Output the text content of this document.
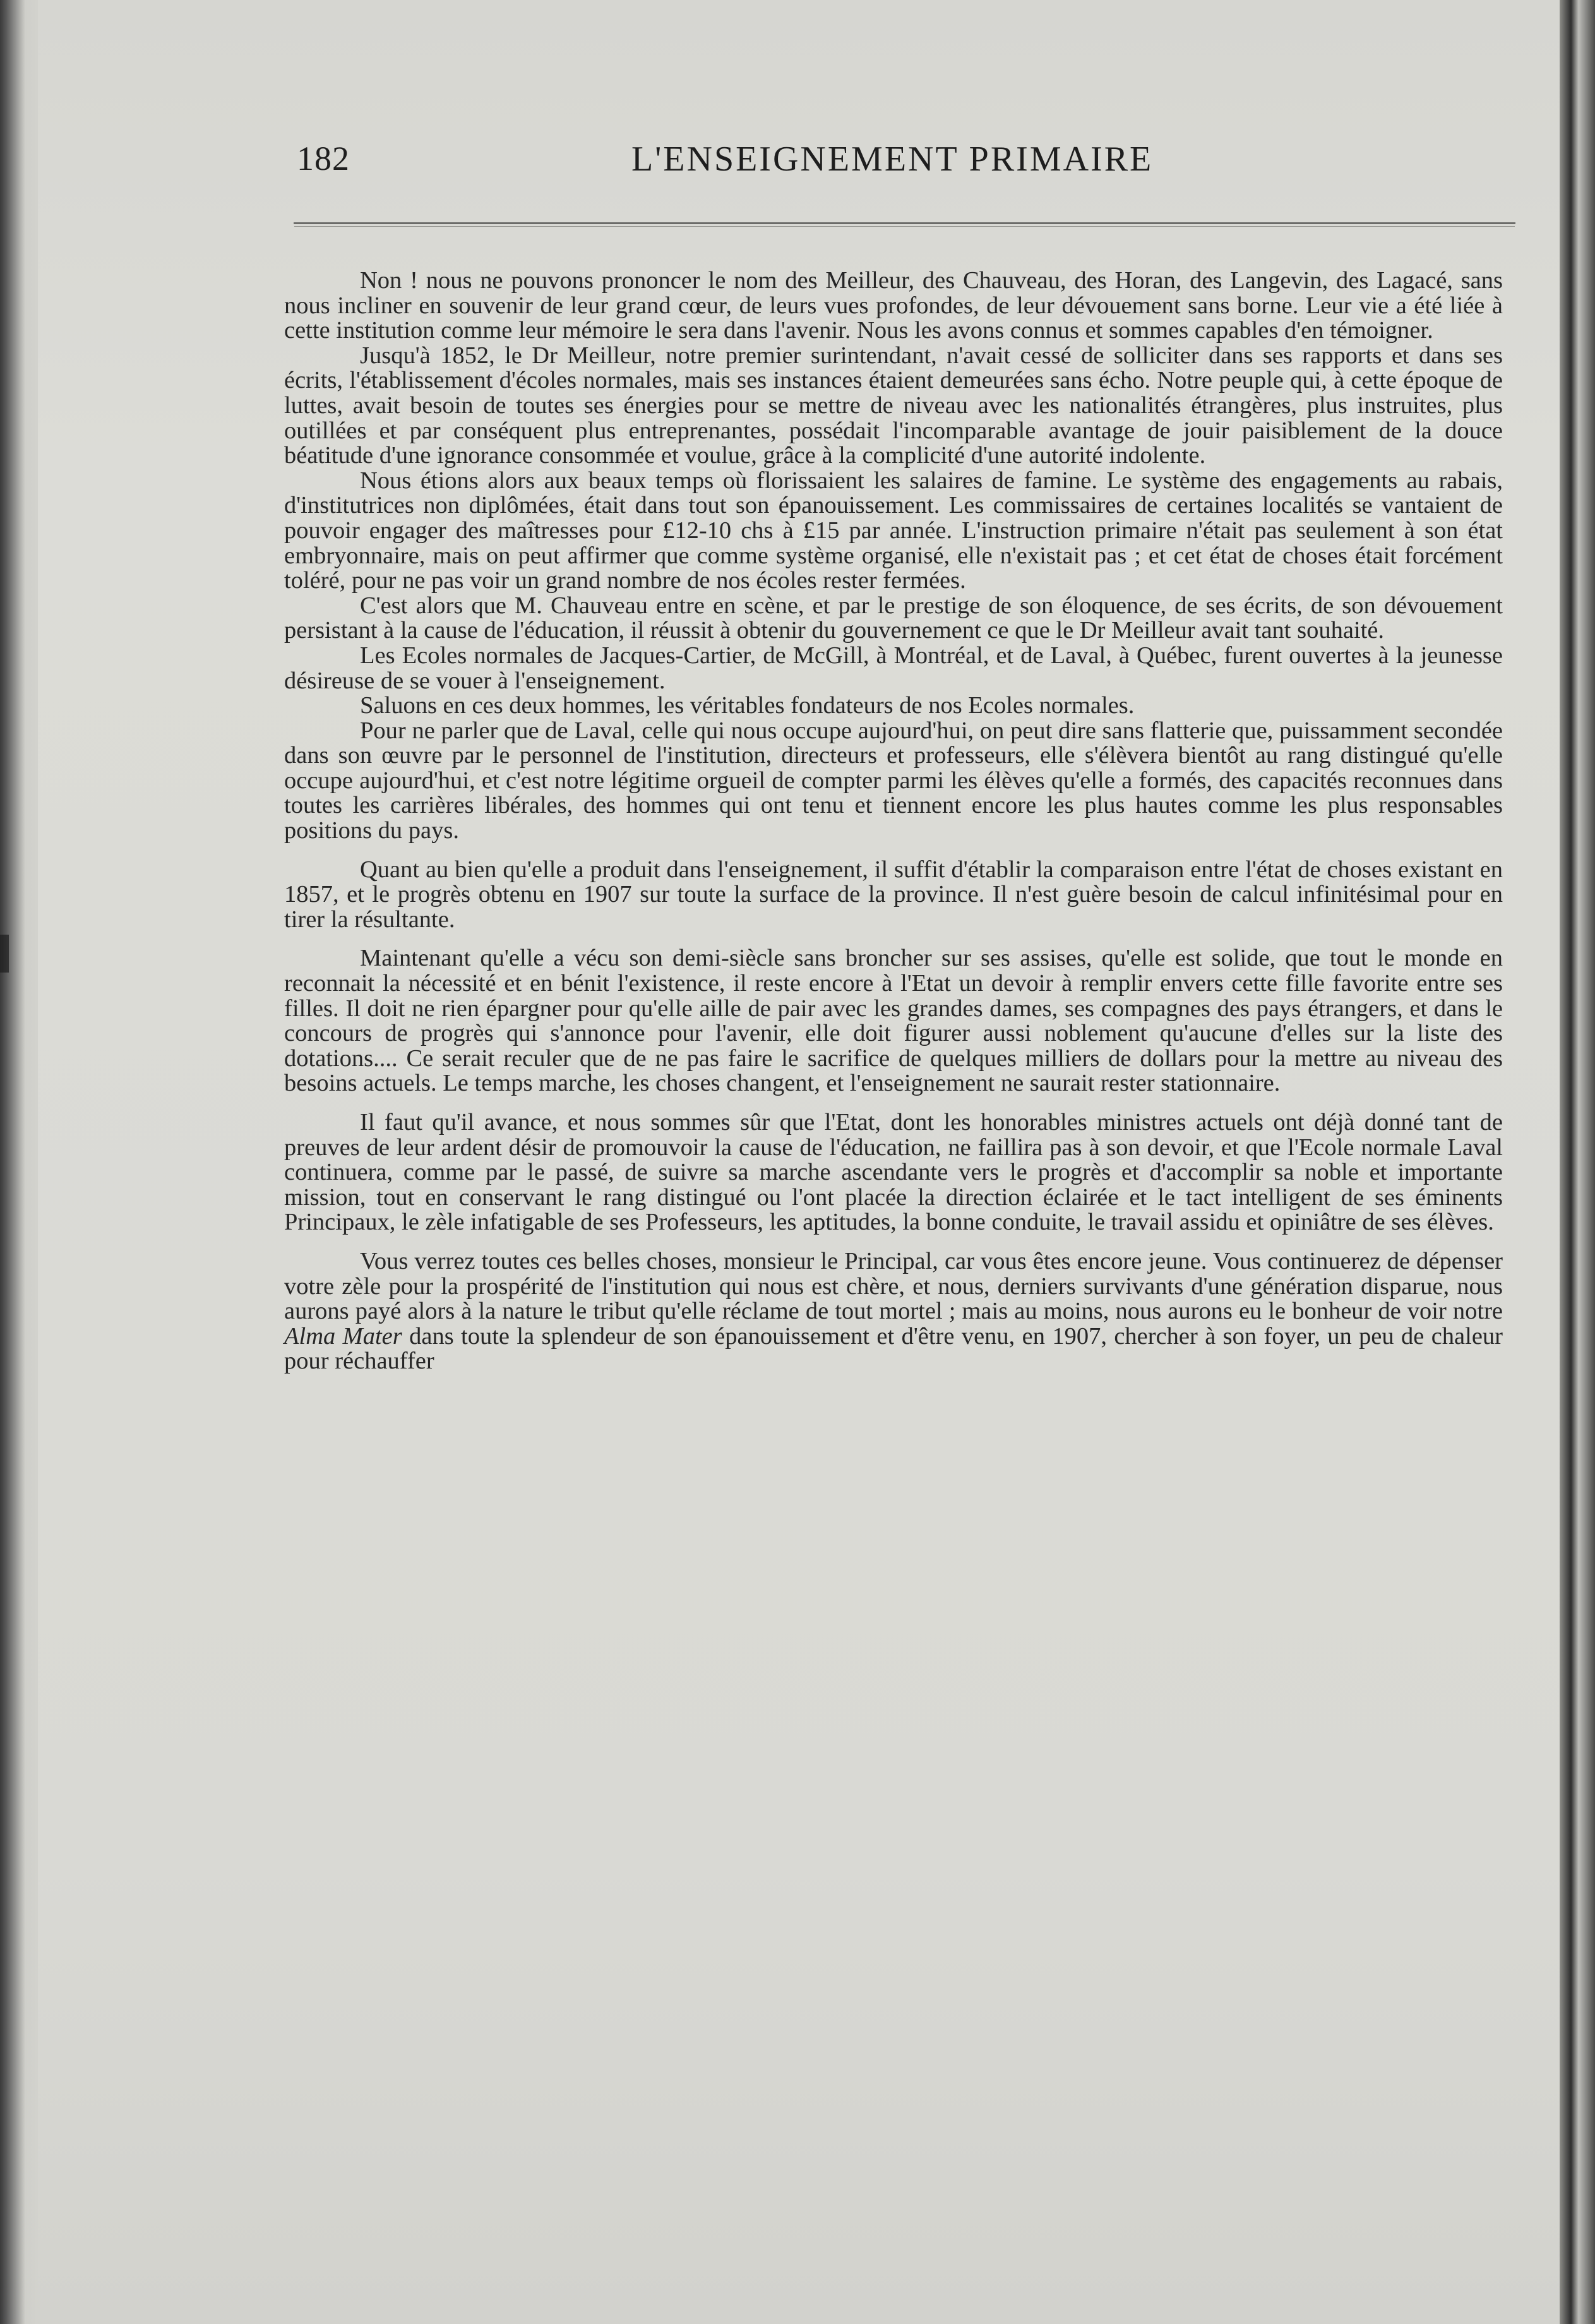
182	L'ENSEIGNEMENT PRIMAIRE

Non ! nous ne pouvons prononcer le nom des Meilleur, des Chauveau, des Horan, des Langevin, des Lagacé, sans nous incliner en souvenir de leur grand cœur, de leurs vues profondes, de leur dévouement sans borne. Leur vie a été liée à cette institution comme leur mémoire le sera dans l'avenir. Nous les avons connus et sommes capables d'en témoigner.

Jusqu'à 1852, le Dr Meilleur, notre premier surintendant, n'avait cessé de solliciter dans ses rapports et dans ses écrits, l'établissement d'écoles normales, mais ses instances étaient demeurées sans écho. Notre peuple qui, à cette époque de luttes, avait besoin de toutes ses énergies pour se mettre de niveau avec les nationalités étrangères, plus instruites, plus outillées et par conséquent plus entreprenantes, possédait l'incomparable avantage de jouir paisiblement de la douce béatitude d'une ignorance consommée et voulue, grâce à la complicité d'une autorité indolente.

Nous étions alors aux beaux temps où florissaient les salaires de famine. Le système des engagements au rabais, d'institutrices non diplômées, était dans tout son épanouissement. Les commissaires de certaines localités se vantaient de pouvoir engager des maîtresses pour £12-10 chs à £15 par année. L'instruction primaire n'était pas seulement à son état embryonnaire, mais on peut affirmer que comme système organisé, elle n'existait pas ; et cet état de choses était forcément toléré, pour ne pas voir un grand nombre de nos écoles rester fermées.

C'est alors que M. Chauveau entre en scène, et par le prestige de son éloquence, de ses écrits, de son dévouement persistant à la cause de l'éducation, il réussit à obtenir du gouvernement ce que le Dr Meilleur avait tant souhaité.

Les Ecoles normales de Jacques-Cartier, de McGill, à Montréal, et de Laval, à Québec, furent ouvertes à la jeunesse désireuse de se vouer à l'enseignement.

Saluons en ces deux hommes, les véritables fondateurs de nos Ecoles normales.

Pour ne parler que de Laval, celle qui nous occupe aujourd'hui, on peut dire sans flatterie que, puissamment secondée dans son œuvre par le personnel de l'institution, directeurs et professeurs, elle s'élèvera bientôt au rang distingué qu'elle occupe aujourd'hui, et c'est notre légitime orgueil de compter parmi les élèves qu'elle a formés, des capacités reconnues dans toutes les carrières libérales, des hommes qui ont tenu et tiennent encore les plus hautes comme les plus responsables positions du pays.

Quant au bien qu'elle a produit dans l'enseignement, il suffit d'établir la comparaison entre l'état de choses existant en 1857, et le progrès obtenu en 1907 sur toute la surface de la province. Il n'est guère besoin de calcul infinitésimal pour en tirer la résultante.

Maintenant qu'elle a vécu son demi-siècle sans broncher sur ses assises, qu'elle est solide, que tout le monde en reconnait la nécessité et en bénit l'existence, il reste encore à l'Etat un devoir à remplir envers cette fille favorite entre ses filles. Il doit ne rien épargner pour qu'elle aille de pair avec les grandes dames, ses compagnes des pays étrangers, et dans le concours de progrès qui s'annonce pour l'avenir, elle doit figurer aussi noblement qu'aucune d'elles sur la liste des dotations.... Ce serait reculer que de ne pas faire le sacrifice de quelques milliers de dollars pour la mettre au niveau des besoins actuels. Le temps marche, les choses changent, et l'enseignement ne saurait rester stationnaire.

Il faut qu'il avance, et nous sommes sûr que l'Etat, dont les honorables ministres actuels ont déjà donné tant de preuves de leur ardent désir de promouvoir la cause de l'éducation, ne faillira pas à son devoir, et que l'Ecole normale Laval continuera, comme par le passé, de suivre sa marche ascendante vers le progrès et d'accomplir sa noble et importante mission, tout en conservant le rang distingué ou l'ont placée la direction éclairée et le tact intelligent de ses éminents Principaux, le zèle infatigable de ses Professeurs, les aptitudes, la bonne conduite, le travail assidu et opiniâtre de ses élèves.

Vous verrez toutes ces belles choses, monsieur le Principal, car vous êtes encore jeune. Vous continuerez de dépenser votre zèle pour la prospérité de l'institution qui nous est chère, et nous, derniers survivants d'une génération disparue, nous aurons payé alors à la nature le tribut qu'elle réclame de tout mortel ; mais au moins, nous aurons eu le bonheur de voir notre Alma Mater dans toute la splendeur de son épanouissement et d'être venu, en 1907, chercher à son foyer, un peu de chaleur pour réchauffer
